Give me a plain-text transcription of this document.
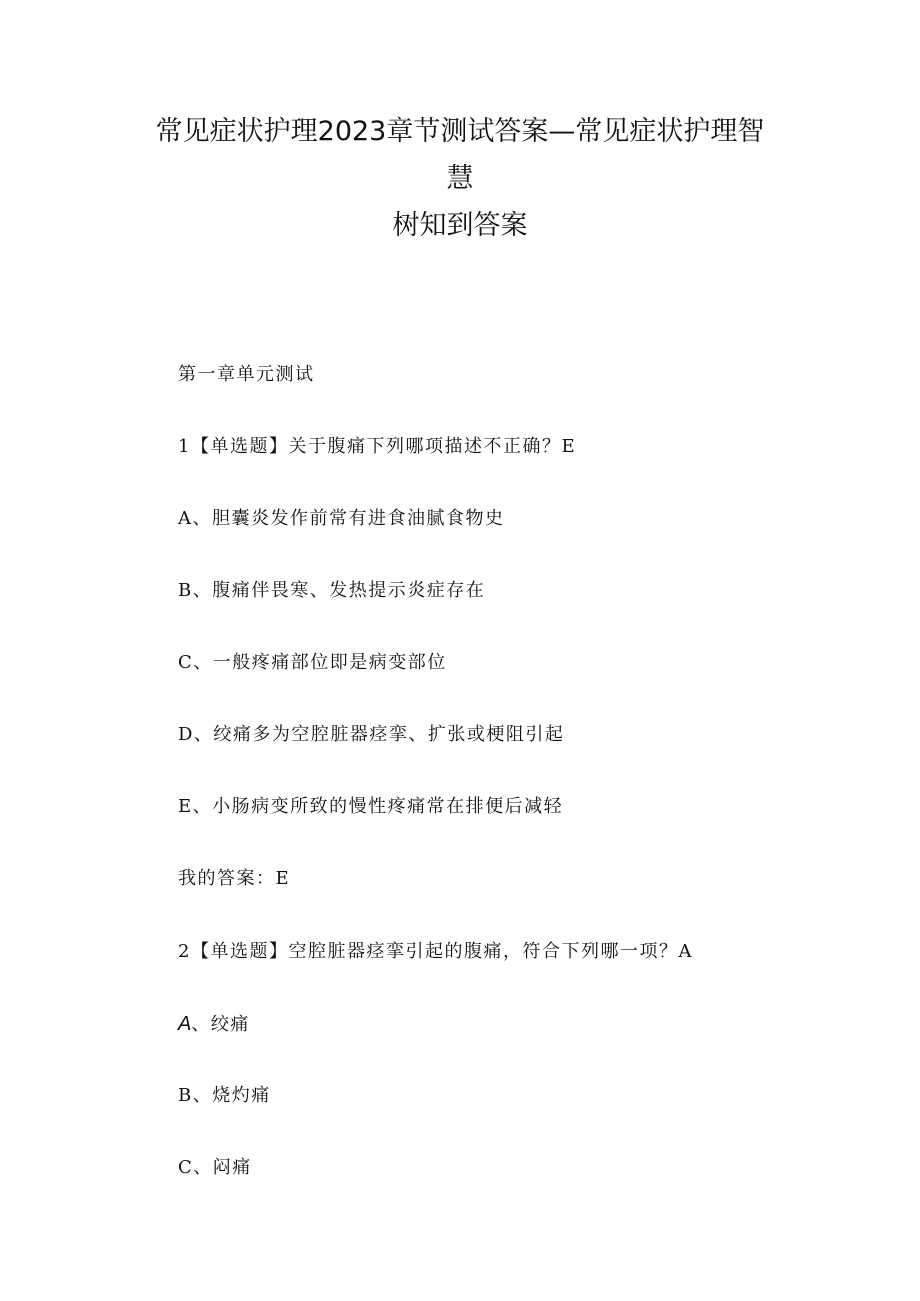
常见症状护理2023章节测试答案—常见症状护理智
慧
树知到答案
第一章单元测试
1【单选题】关于腹痛下列哪项描述不正确？E
A、胆囊炎发作前常有进食油腻食物史
B、腹痛伴畏寒、发热提示炎症存在
C、一般疼痛部位即是病变部位
D、绞痛多为空腔脏器痉挛、扩张或梗阻引起
E、小肠病变所致的慢性疼痛常在排便后减轻
我的答案：E
2【单选题】空腔脏器痉挛引起的腹痛，符合下列哪一项？A
A、绞痛
B、烧灼痛
C、闷痛
